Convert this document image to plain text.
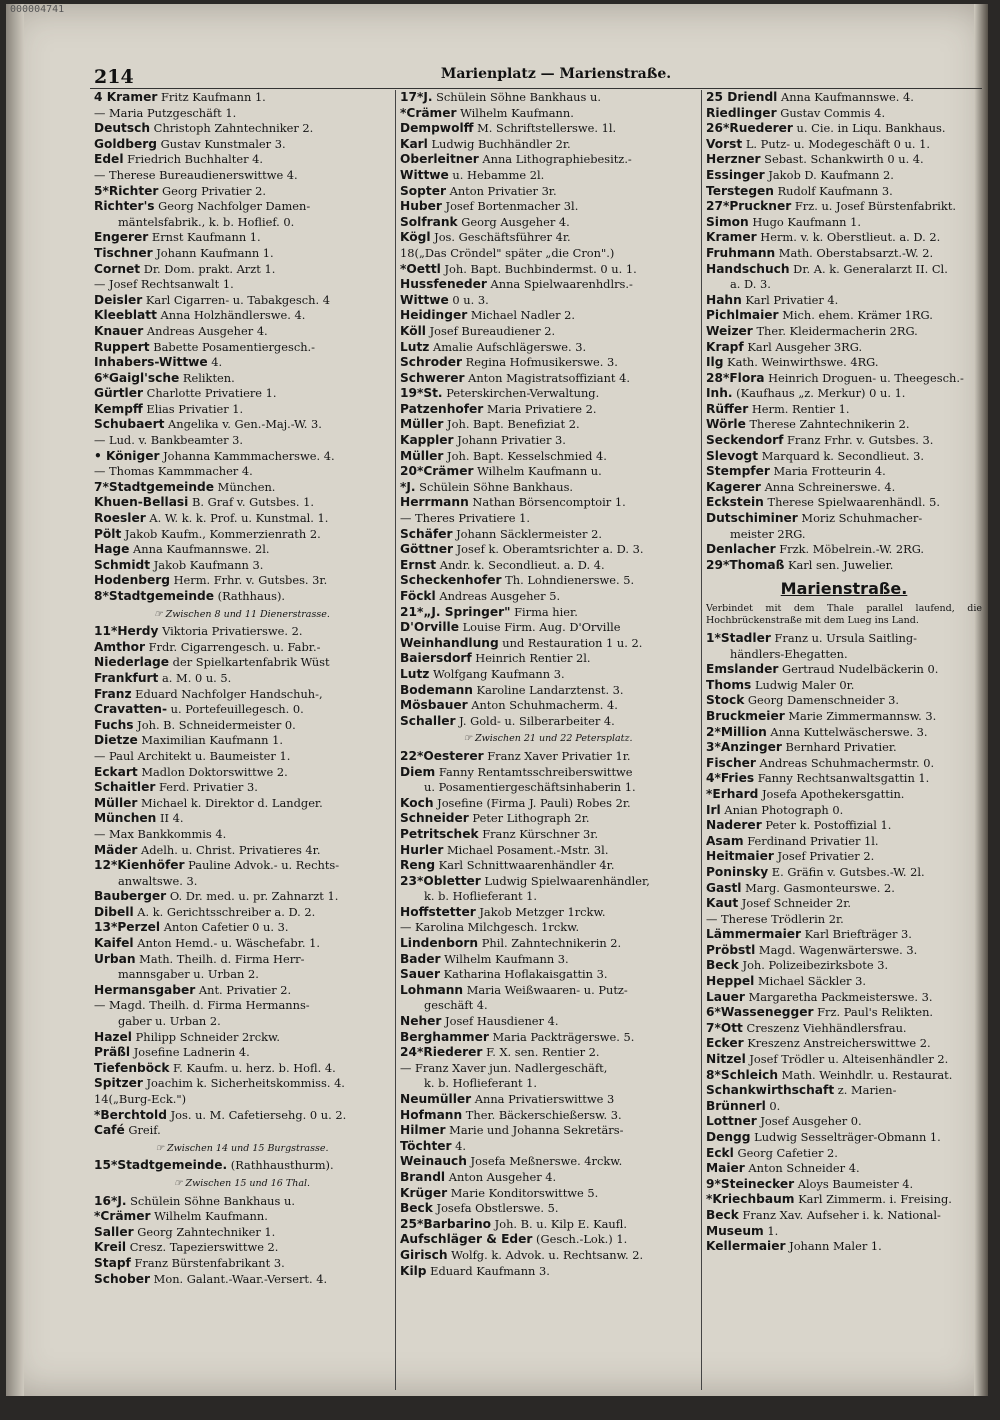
000004741
214	Marienplatz — Marienstraße.
4 Kramer Fritz Kaufmann 1.
— Maria Putzgeschäft 1.
Deutsch Christoph Zahntechniker 2.
Goldberg Gustav Kunstmaler 3.
Edel Friedrich Buchhalter 4.
— Therese Bureaudienerswittwe 4.
5*Richter Georg Privatier 2.
Richter's Georg Nachfolger Damen-
mäntelsfabrik., k. b. Hoflief. 0.
Engerer Ernst Kaufmann 1.
Tischner Johann Kaufmann 1.
Cornet Dr. Dom. prakt. Arzt 1.
— Josef Rechtsanwalt 1.
Deisler Karl Cigarren- u. Tabakgesch. 4
Kleeblatt Anna Holzhändlerswe. 4.
Knauer Andreas Ausgeher 4.
Ruppert Babette Posamentiergesch.-
Inhabers-Wittwe 4.
6*Gaigl'sche Relikten.
Gürtler Charlotte Privatiere 1.
Kempff Elias Privatier 1.
Schubaert Angelika v. Gen.-Maj.-W. 3.
— Lud. v. Bankbeamter 3.
• Königer Johanna Kammmacherswe. 4.
— Thomas Kammmacher 4.
7*Stadtgemeinde München.
Khuen-Bellasi B. Graf v. Gutsbes. 1.
Roesler A. W. k. k. Prof. u. Kunstmal. 1.
Pölt Jakob Kaufm., Kommerzienrath 2.
Hage Anna Kaufmannswe. 2l.
Schmidt Jakob Kaufmann 3.
Hodenberg Herm. Frhr. v. Gutsbes. 3r.
8*Stadtgemeinde (Rathhaus).
☞ Zwischen 8 und 11 Dienerstrasse.
11*Herdy Viktoria Privatierswe. 2.
Amthor Frdr. Cigarrengesch. u. Fabr.-
Niederlage der Spielkartenfabrik Wüst
Frankfurt a. M. 0 u. 5.
Franz Eduard Nachfolger Handschuh-,
Cravatten- u. Portefeuillegesch. 0.
Fuchs Joh. B. Schneidermeister 0.
Dietze Maximilian Kaufmann 1.
— Paul Architekt u. Baumeister 1.
Eckart Madlon Doktorswittwe 2.
Schaitler Ferd. Privatier 3.
Müller Michael k. Direktor d. Landger.
München II 4.
— Max Bankkommis 4.
Mäder Adelh. u. Christ. Privatieres 4r.
12*Kienhöfer Pauline Advok.- u. Rechts-
anwaltswe. 3.
Bauberger O. Dr. med. u. pr. Zahnarzt 1.
Dibell A. k. Gerichtsschreiber a. D. 2.
13*Perzel Anton Cafetier 0 u. 3.
Kaifel Anton Hemd.- u. Wäschefabr. 1.
Urban Math. Theilh. d. Firma Herr-
mannsgaber u. Urban 2.
Hermansgaber Ant. Privatier 2.
— Magd. Theilh. d. Firma Hermanns-
gaber u. Urban 2.
Hazel Philipp Schneider 2rckw.
Präßl Josefine Ladnerin 4.
Tiefenböck F. Kaufm. u. herz. b. Hofl. 4.
Spitzer Joachim k. Sicherheitskommiss. 4.
14(„Burg-Eck.")
*Berchtold Jos. u. M. Cafetiersehg. 0 u. 2.
Café Greif.
☞ Zwischen 14 und 15 Burgstrasse.
15*Stadtgemeinde. (Rathhausthurm).
☞ Zwischen 15 und 16 Thal.
16*J. Schülein Söhne Bankhaus u.
*Crämer Wilhelm Kaufmann.
Saller Georg Zahntechniker 1.
Kreil Cresz. Tapezierswittwe 2.
Stapf Franz Bürstenfabrikant 3.
Schober Mon. Galant.-Waar.-Versert. 4.
17*J. Schülein Söhne Bankhaus u.
*Crämer Wilhelm Kaufmann.
Dempwolff M. Schriftstellerswe. 1l.
Karl Ludwig Buchhändler 2r.
Oberleitner Anna Lithographiebesitz.-
Wittwe u. Hebamme 2l.
Sopter Anton Privatier 3r.
Huber Josef Bortenmacher 3l.
Solfrank Georg Ausgeher 4.
Kögl Jos. Geschäftsführer 4r.
18(„Das Cröndel" später „die Cron".)
*Oettl Joh. Bapt. Buchbindermst. 0 u. 1.
Hussfeneder Anna Spielwaarenhdlrs.-
Wittwe 0 u. 3.
Heidinger Michael Nadler 2.
Köll Josef Bureaudiener 2.
Lutz Amalie Aufschlägerswe. 3.
Schroder Regina Hofmusikerswe. 3.
Schwerer Anton Magistratsoffiziant 4.
19*St. Peterskirchen-Verwaltung.
Patzenhofer Maria Privatiere 2.
Müller Joh. Bapt. Benefiziat 2.
Kappler Johann Privatier 3.
Müller Joh. Bapt. Kesselschmied 4.
20*Crämer Wilhelm Kaufmann u.
*J. Schülein Söhne Bankhaus.
Herrmann Nathan Börsencomptoir 1.
— Theres Privatiere 1.
Schäfer Johann Säcklermeister 2.
Göttner Josef k. Oberamtsrichter a. D. 3.
Ernst Andr. k. Secondlieut. a. D. 4.
Scheckenhofer Th. Lohndienerswe. 5.
Föckl Andreas Ausgeher 5.
21*„J. Springer" Firma hier.
D'Orville Louise Firm. Aug. D'Orville
Weinhandlung und Restauration 1 u. 2.
Baiersdorf Heinrich Rentier 2l.
Lutz Wolfgang Kaufmann 3.
Bodemann Karoline Landarztenst. 3.
Mösbauer Anton Schuhmacherm. 4.
Schaller J. Gold- u. Silberarbeiter 4.
☞ Zwischen 21 und 22 Petersplatz.
22*Oesterer Franz Xaver Privatier 1r.
Diem Fanny Rentamtsschreiberswittwe
u. Posamentiergeschäftsinhaberin 1.
Koch Josefine (Firma J. Pauli) Robes 2r.
Schneider Peter Lithograph 2r.
Petritschek Franz Kürschner 3r.
Hurler Michael Posament.-Mstr. 3l.
Reng Karl Schnittwaarenhändler 4r.
23*Obletter Ludwig Spielwaarenhändler,
k. b. Hoflieferant 1.
Hoffstetter Jakob Metzger 1rckw.
— Karolina Milchgesch. 1rckw.
Lindenborn Phil. Zahntechnikerin 2.
Bader Wilhelm Kaufmann 3.
Sauer Katharina Hoflakaisgattin 3.
Lohmann Maria Weißwaaren- u. Putz-
geschäft 4.
Neher Josef Hausdiener 4.
Berghammer Maria Packträgerswe. 5.
24*Riederer F. X. sen. Rentier 2.
— Franz Xaver jun. Nadlergeschäft,
k. b. Hoflieferant 1.
Neumüller Anna Privatierswittwe 3
Hofmann Ther. Bäckerschießersw. 3.
Hilmer Marie und Johanna Sekretärs-
Töchter 4.
Weinauch Josefa Meßnerswe. 4rckw.
Brandl Anton Ausgeher 4.
Krüger Marie Konditorswittwe 5.
Beck Josefa Obstlerswe. 5.
25*Barbarino Joh. B. u. Kilp E. Kaufl.
Aufschläger & Eder (Gesch.-Lok.) 1.
Girisch Wolfg. k. Advok. u. Rechtsanw. 2.
Kilp Eduard Kaufmann 3.
25 Driendl Anna Kaufmannswe. 4.
Riedlinger Gustav Commis 4.
26*Ruederer u. Cie. in Liqu. Bankhaus.
Vorst L. Putz- u. Modegeschäft 0 u. 1.
Herzner Sebast. Schankwirth 0 u. 4.
Essinger Jakob D. Kaufmann 2.
Terstegen Rudolf Kaufmann 3.
27*Pruckner Frz. u. Josef Bürstenfabrikt.
Simon Hugo Kaufmann 1.
Kramer Herm. v. k. Oberstlieut. a. D. 2.
Fruhmann Math. Oberstabsarzt.-W. 2.
Handschuch Dr. A. k. Generalarzt II. Cl.
a. D. 3.
Hahn Karl Privatier 4.
Pichlmaier Mich. ehem. Krämer 1RG.
Weizer Ther. Kleidermacherin 2RG.
Krapf Karl Ausgeher 3RG.
Ilg Kath. Weinwirthswe. 4RG.
28*Flora Heinrich Droguen- u. Theegesch.-
Inh. (Kaufhaus „z. Merkur) 0 u. 1.
Rüffer Herm. Rentier 1.
Wörle Therese Zahntechnikerin 2.
Seckendorf Franz Frhr. v. Gutsbes. 3.
Slevogt Marquard k. Secondlieut. 3.
Stempfer Maria Frotteurin 4.
Kagerer Anna Schreinerswe. 4.
Eckstein Therese Spielwaarenhändl. 5.
Dutschiminer Moriz Schuhmacher-
meister 2RG.
Denlacher Frzk. Möbelrein.-W. 2RG.
29*Thomaß Karl sen. Juwelier.
Marienstraße.
Verbindet mit dem Thale parallel laufend, die Hochbrückenstraße mit dem Lueg ins Land.
1*Stadler Franz u. Ursula Saitling-
händlers-Ehegatten.
Emslander Gertraud Nudelbäckerin 0.
Thoms Ludwig Maler 0r.
Stock Georg Damenschneider 3.
Bruckmeier Marie Zimmermannsw. 3.
2*Million Anna Kuttelwäscherswe. 3.
3*Anzinger Bernhard Privatier.
Fischer Andreas Schuhmachermstr. 0.
4*Fries Fanny Rechtsanwaltsgattin 1.
*Erhard Josefa Apothekersgattin.
Irl Anian Photograph 0.
Naderer Peter k. Postoffizial 1.
Asam Ferdinand Privatier 1l.
Heitmaier Josef Privatier 2.
Poninsky E. Gräfin v. Gutsbes.-W. 2l.
Gastl Marg. Gasmonteurswe. 2.
Kaut Josef Schneider 2r.
— Therese Trödlerin 2r.
Lämmermaier Karl Briefträger 3.
Pröbstl Magd. Wagenwärterswe. 3.
Beck Joh. Polizeibezirksbote 3.
Heppel Michael Säckler 3.
Lauer Margaretha Packmeisterswe. 3.
6*Wassenegger Frz. Paul's Relikten.
7*Ott Creszenz Viehhändlersfrau.
Ecker Kreszenz Anstreicherswittwe 2.
Nitzel Josef Trödler u. Alteisenhändler 2.
8*Schleich Math. Weinhdlr. u. Restaurat.
Schankwirthschaft z. Marien-
Brünnerl 0.
Lottner Josef Ausgeher 0.
Dengg Ludwig Sesselträger-Obmann 1.
Eckl Georg Cafetier 2.
Maier Anton Schneider 4.
9*Steinecker Aloys Baumeister 4.
*Kriechbaum Karl Zimmerm. i. Freising.
Beck Franz Xav. Aufseher i. k. National-
Museum 1.
Kellermaier Johann Maler 1.
